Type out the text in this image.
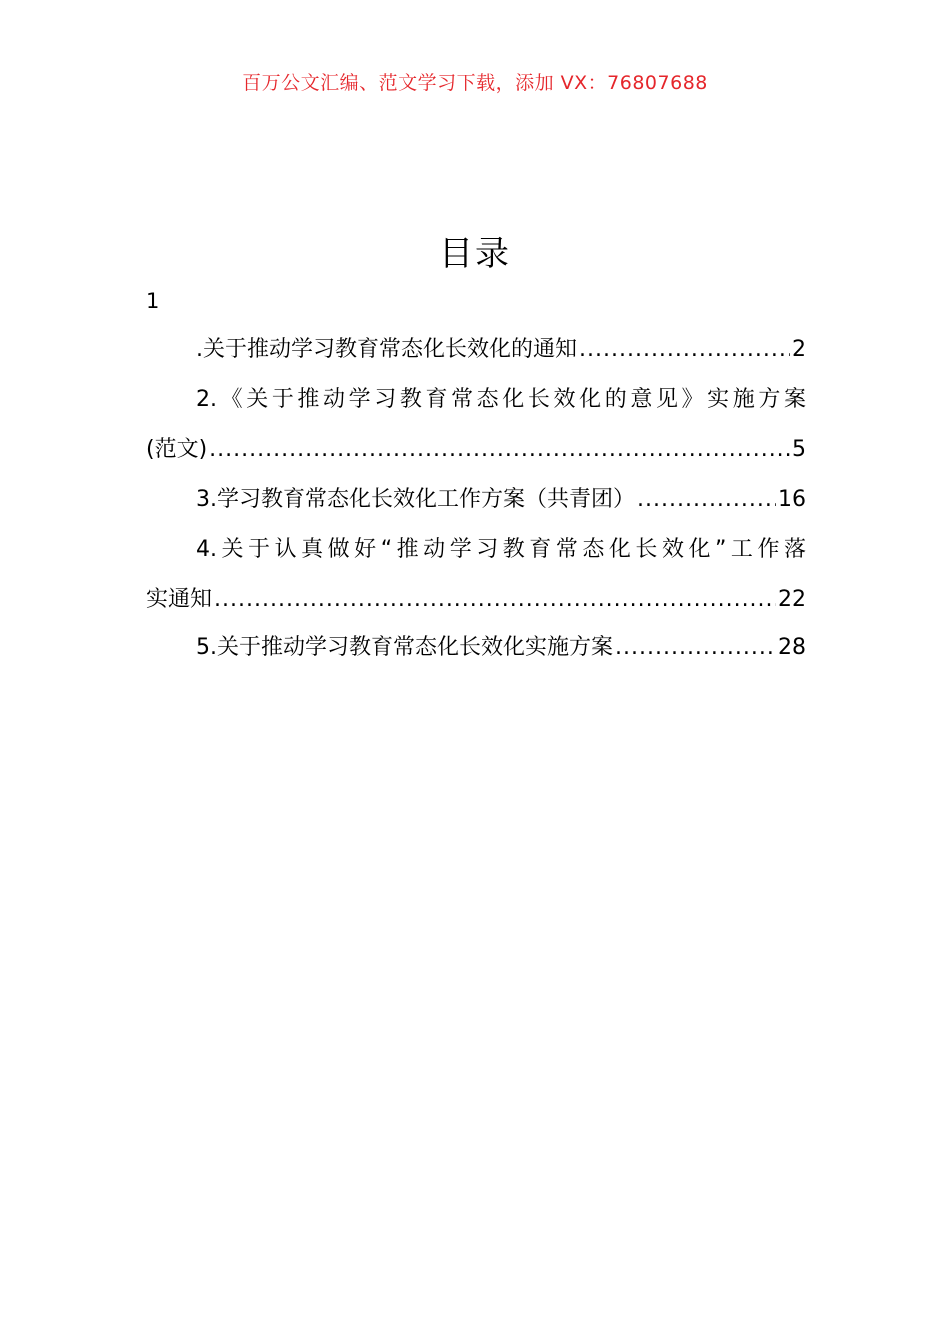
百万公文汇编、范文学习下载，添加 VX：76807688
目录
1
.关于推动学习教育常态化长效化的通知 .....	2
2.《关于推动学习教育常态化长效化的意见》实施方案
(范文) .....	5
3.学习教育常态化长效化工作方案（共青团） .....	16
4.关于认真做好“推动学习教育常态化长效化”工作落
实通知 .....	22
5.关于推动学习教育常态化长效化实施方案 .....	28
